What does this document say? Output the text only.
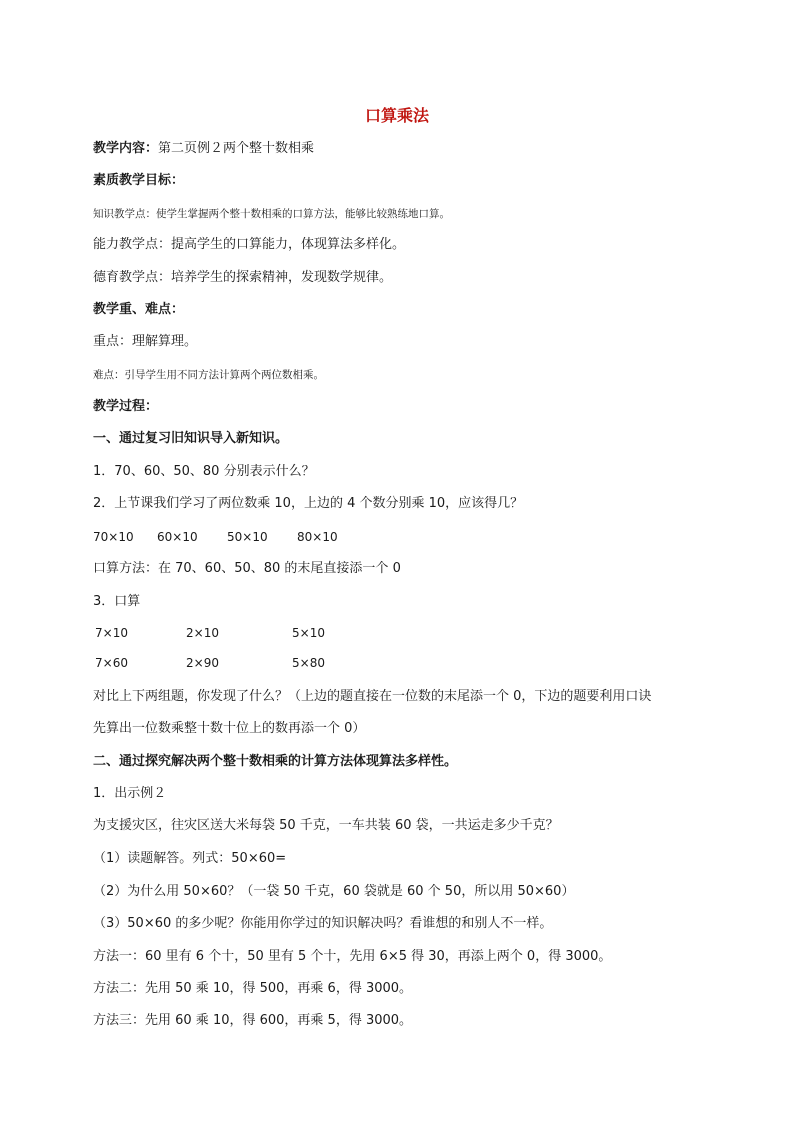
口算乘法
教学内容：第二页例２两个整十数相乘
素质教学目标：
知识教学点：使学生掌握两个整十数相乘的口算方法，能够比较熟练地口算。
能力教学点：提高学生的口算能力，体现算法多样化。
德育教学点：培养学生的探索精神，发现数学规律。
教学重、难点：
重点：理解算理。
难点：引导学生用不同方法计算两个两位数相乘。
教学过程：
一、通过复习旧知识导入新知识。
1．70、60、50、80 分别表示什么？
2．上节课我们学习了两位数乘 10，上边的 4 个数分别乘 10，应该得几？
70×10 60×10 50×10 80×10
口算方法：在 70、60、50、80 的末尾直接添一个 0
3．口算
7×10	2×10	5×10
7×60	2×90	5×80
对比上下两组题，你发现了什么？（上边的题直接在一位数的末尾添一个 0，下边的题要利用口诀
先算出一位数乘整十数十位上的数再添一个 0）
二、通过探究解决两个整十数相乘的计算方法体现算法多样性。
1．出示例２
为支援灾区，往灾区送大米每袋 50 千克，一车共装 60 袋，一共运走多少千克？
（1）读题解答。列式：50×60=
（2）为什么用 50×60？（一袋 50 千克，60 袋就是 60 个 50，所以用 50×60）
（3）50×60 的多少呢？你能用你学过的知识解决吗？看谁想的和别人不一样。
方法一：60 里有 6 个十，50 里有 5 个十，先用 6×5 得 30，再添上两个 0，得 3000。
方法二：先用 50 乘 10，得 500，再乘 6，得 3000。
方法三：先用 60 乘 10，得 600，再乘 5，得 3000。
